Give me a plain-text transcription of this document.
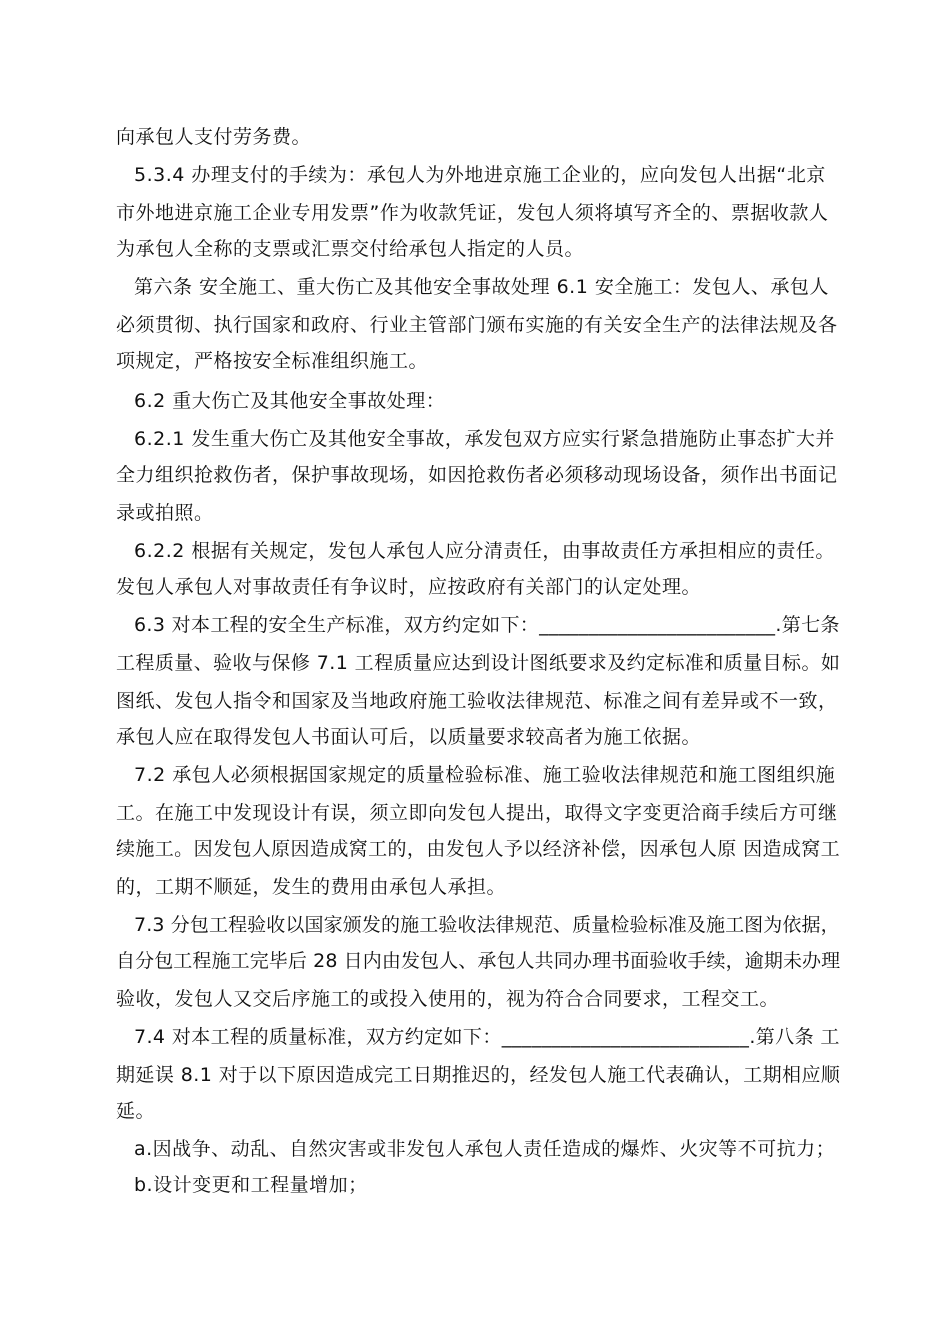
向承包人支付劳务费。
5.3.4 办理支付的手续为：承包人为外地进京施工企业的，应向发包人出据“北京
市外地进京施工企业专用发票”作为收款凭证，发包人须将填写齐全的、票据收款人
为承包人全称的支票或汇票交付给承包人指定的人员。
第六条 安全施工、重大伤亡及其他安全事故处理 6.1 安全施工：发包人、承包人
必须贯彻、执行国家和政府、行业主管部门颁布实施的有关安全生产的法律法规及各
项规定，严格按安全标准组织施工。
6.2 重大伤亡及其他安全事故处理：
6.2.1 发生重大伤亡及其他安全事故，承发包双方应实行紧急措施防止事态扩大并
全力组织抢救伤者，保护事故现场，如因抢救伤者必须移动现场设备，须作出书面记
录或拍照。
6.2.2 根据有关规定，发包人承包人应分清责任，由事故责任方承担相应的责任。
发包人承包人对事故责任有争议时，应按政府有关部门的认定处理。
6.3 对本工程的安全生产标准，双方约定如下：________________________.第七条
工程质量、验收与保修 7.1 工程质量应达到设计图纸要求及约定标准和质量目标。如
图纸、发包人指令和国家及当地政府施工验收法律规范、标准之间有差异或不一致，
承包人应在取得发包人书面认可后，以质量要求较高者为施工依据。
7.2 承包人必须根据国家规定的质量检验标准、施工验收法律规范和施工图组织施
工。在施工中发现设计有误，须立即向发包人提出，取得文字变更洽商手续后方可继
续施工。因发包人原因造成窝工的，由发包人予以经济补偿，因承包人原 因造成窝工
的，工期不顺延，发生的费用由承包人承担。
7.3 分包工程验收以国家颁发的施工验收法律规范、质量检验标准及施工图为依据，
自分包工程施工完毕后 28 日内由发包人、承包人共同办理书面验收手续，逾期未办理
验收，发包人又交后序施工的或投入使用的，视为符合合同要求，工程交工。
7.4 对本工程的质量标准，双方约定如下：_________________________.第八条 工
期延误 8.1 对于以下原因造成完工日期推迟的，经发包人施工代表确认，工期相应顺
延。
a.因战争、动乱、自然灾害或非发包人承包人责任造成的爆炸、火灾等不可抗力；
b.设计变更和工程量增加；
